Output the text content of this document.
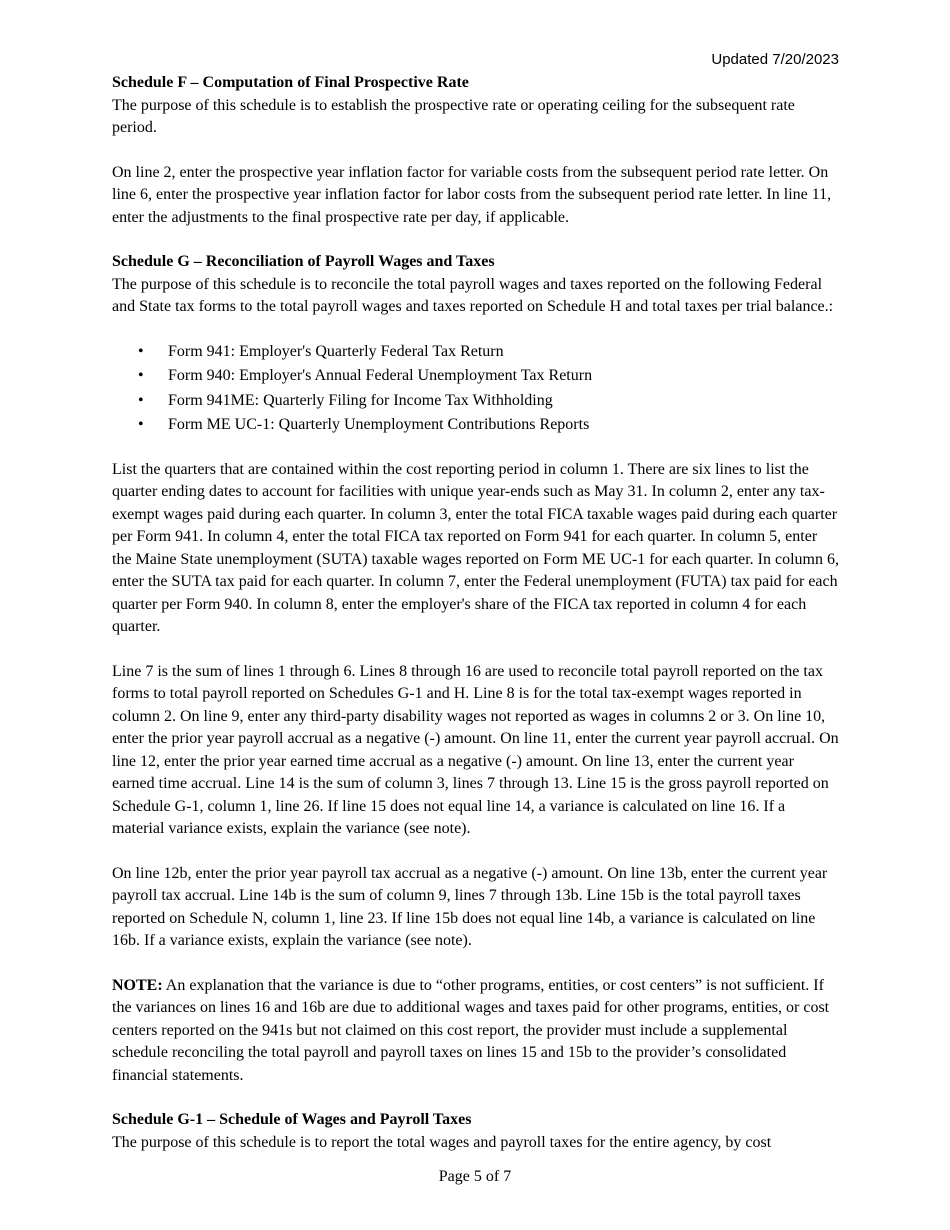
Updated 7/20/2023

Schedule F – Computation of Final Prospective Rate

The purpose of this schedule is to establish the prospective rate or operating ceiling for the subsequent rate period.

On line 2, enter the prospective year inflation factor for variable costs from the subsequent period rate letter. On line 6, enter the prospective year inflation factor for labor costs from the subsequent period rate letter. In line 11, enter the adjustments to the final prospective rate per day, if applicable.

Schedule G – Reconciliation of Payroll Wages and Taxes

The purpose of this schedule is to reconcile the total payroll wages and taxes reported on the following Federal and State tax forms to the total payroll wages and taxes reported on Schedule H and total taxes per trial balance.:

• Form 941: Employer's Quarterly Federal Tax Return
• Form 940: Employer's Annual Federal Unemployment Tax Return
• Form 941ME: Quarterly Filing for Income Tax Withholding
• Form ME UC-1: Quarterly Unemployment Contributions Reports

List the quarters that are contained within the cost reporting period in column 1. There are six lines to list the quarter ending dates to account for facilities with unique year-ends such as May 31. In column 2, enter any tax-exempt wages paid during each quarter. In column 3, enter the total FICA taxable wages paid during each quarter per Form 941. In column 4, enter the total FICA tax reported on Form 941 for each quarter. In column 5, enter the Maine State unemployment (SUTA) taxable wages reported on Form ME UC-1 for each quarter. In column 6, enter the SUTA tax paid for each quarter. In column 7, enter the Federal unemployment (FUTA) tax paid for each quarter per Form 940. In column 8, enter the employer's share of the FICA tax reported in column 4 for each quarter.

Line 7 is the sum of lines 1 through 6. Lines 8 through 16 are used to reconcile total payroll reported on the tax forms to total payroll reported on Schedules G-1 and H. Line 8 is for the total tax-exempt wages reported in column 2. On line 9, enter any third-party disability wages not reported as wages in columns 2 or 3. On line 10, enter the prior year payroll accrual as a negative (-) amount. On line 11, enter the current year payroll accrual. On line 12, enter the prior year earned time accrual as a negative (-) amount. On line 13, enter the current year earned time accrual. Line 14 is the sum of column 3, lines 7 through 13. Line 15 is the gross payroll reported on Schedule G-1, column 1, line 26. If line 15 does not equal line 14, a variance is calculated on line 16. If a material variance exists, explain the variance (see note).

On line 12b, enter the prior year payroll tax accrual as a negative (-) amount. On line 13b, enter the current year payroll tax accrual. Line 14b is the sum of column 9, lines 7 through 13b. Line 15b is the total payroll taxes reported on Schedule N, column 1, line 23. If line 15b does not equal line 14b, a variance is calculated on line 16b. If a variance exists, explain the variance (see note).

NOTE: An explanation that the variance is due to “other programs, entities, or cost centers” is not sufficient. If the variances on lines 16 and 16b are due to additional wages and taxes paid for other programs, entities, or cost centers reported on the 941s but not claimed on this cost report, the provider must include a supplemental schedule reconciling the total payroll and payroll taxes on lines 15 and 15b to the provider’s consolidated financial statements.

Schedule G-1 – Schedule of Wages and Payroll Taxes

The purpose of this schedule is to report the total wages and payroll taxes for the entire agency, by cost

Page 5 of 7
